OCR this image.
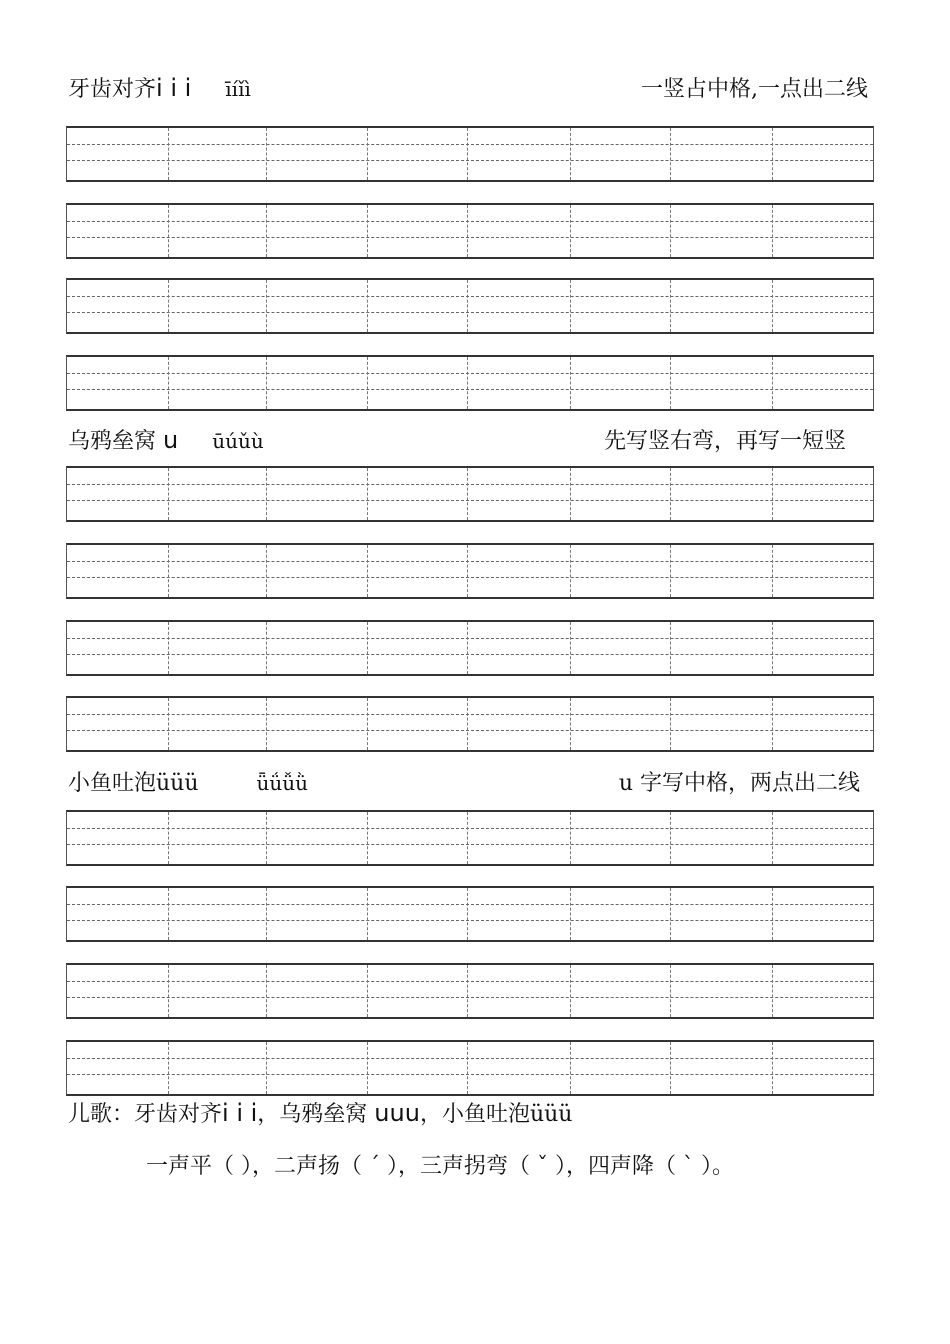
牙齿对齐i i i īíǐì	一竖占中格,一点出二线
乌鸦垒窝 u ūúǔù	先写竖右弯，再写一短竖
小鱼吐泡üüü	ǖǘǚǜ	u 字写中格，两点出二线
儿歌：牙齿对齐i i i，乌鸦垒窝 uuu，小鱼吐泡üüü
一声平（ ），二声扬（ ˊ ），三声拐弯（ ˇ ），四声降（ ˋ ）。
